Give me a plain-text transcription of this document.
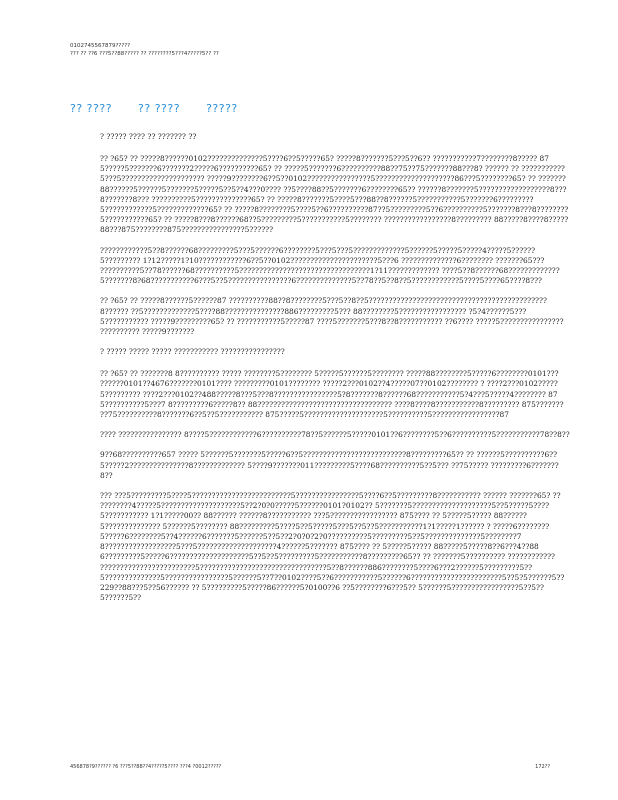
0102745567879?????
??? ?? ??6 ???5??88????? ?? ????????5???4?????5?? ??
?? ???? ?? ???? ?????
? ????? ???? ?? ??????? ??

?? ?65? ?? ?????8??????0102??????????????5????6??5?????65? ?????8???????5???5??6?? ???????????7????????8????? 875?????5???????6???????2?????6??????????65? ?? ?????5???????6??????????88??75??75???????88???8? ?????? ?? ???????????5???5????????????????????? ?????9????????6??5??0102????????????????5????????????????????86???5????????65? ?? ???????88??????5??????5???????5?????5??5??4???0???? ??5????88??5???????6????????65?? ??????8???????5??????????????????8???8???????8??? ??????????5??????????????65? ?? ?????8???????5????5???88??8??????5???????????5???????6?????????5????????????5?????????????65? ?? ?????8????????5????5??6??????????87??5?????????5??6??????????5???????8???8????????5???????????65? ?? ?????8???8??????68??5?????????5???????????5???????? ?????????????????8????????? 88?????8????8?????88???875????????875????????????????5??????

????????????5??8??????68?????????5???5??????6????????5???5???5?????????????5??????5?????5?????4?????5??????5????????? 1?12?????1?10????????????6??5??0102??????????????????????5???6 ??????????????6???????? ???????65??? ??????????5??78??????68??????????5?????????????????????????????????1?11????????????? ????5??8??????68?????????????5???????8?68???????????6???5??5????????????????6??????????????5??78??5??8??5????????????5????5????65????8???

?? ?65? ?? ?????8??????5??????87 ??????????88??8????????5???5??8??5?????????????????????????????????????????????8?????? ??5?????????????5????88???????????????886?????????5??? 88????????5????????????????? ?5?4??????5???5??????????? ?????9?????????65? ?? ???????????5?????87 ????5???????5???8??8??????????? ??6???? ?????5???????????????? ?????????? ?????9???????

? ????? ????? ????? ??????????? ????????????????

?? ?65? ?? ???????8 8?????????? ????? ????????5???????? 5?????5??????5???????? ?????88????????5?????6????????0101??? ??????0101??4676???????0101???? ?????????0101???????? ?????2???0102??4?????07??0102???????? ? ????2???0102?????5????????? ????2???0102??488?????8???5???8????????????????5?8???????8??????68???????????5?4???5?????4???????? 875??????????5???7 8?????????6?????8?? 88?????????????????????????????????? ????8????8???????????8????????? 875??????? ??75??????????8???????6??5??5??????????? 875?????5????????????????????5??????????5?????????????????87

???? ???????????????? 8????5????????????6??????????78??5??????5?????0101??6????????5??6??????????5???????????78??8??

9??68??????????657 ????? 5??????5???????5?????6??5??????????????????????????8?????????65?? ?? ??????5??????????6??5?????2???????????????8????????????? 5????9???????011?????????5????68??????????5??5??? ??75????? ?????????6???????8??

??? ???5?????????5????5?????????????????????????5????????????????5????6??5?????????8??????????? ?????? ???????65? ?? ????????4?????5????????????????????5??2?0?0?????5??????0101?0102?? 5???????5????????????????????5??5?????5????5??????????? 1?1?????00?? 88?????? ??????8??????????? ???5????????????????? 875???? ?? 5?????5????? 88??????5?????????????? 5??????5???????? 88?????????5????5??5?????5???5??5??5???????????1?1?????1?????? ? ?????6????????5?????6????????5??4??????6???????5??????5??5??2?0?0?2?0??????????5?????????5??5??????????????5????????78??????????????????5???5????????????????????4??????5??????? 875???? ?? 5?????5????? 88?????5?????8??6???4??886?????????5?????6????????????????????5??5??5?????????5???????????8?????????65?? ?? ???????5?????????? ???????????? ????????????????????????5????????????????????????????????5??8??????886????????5????6???2??????5?????????5??5??????????????5????????????????5??????5??7??0102????5??6???????????5??????6???????????????????????5??5?5??????5?? 229??88???5??56?????? ?? 5?????????5?????86??????5?0100??6 ??5????????6???5?? 5??????5?????????????????5??5??5??????5??

456878?9?????? ?6 ???5??88??4?????5???? ???4 ?0012?????	172??
